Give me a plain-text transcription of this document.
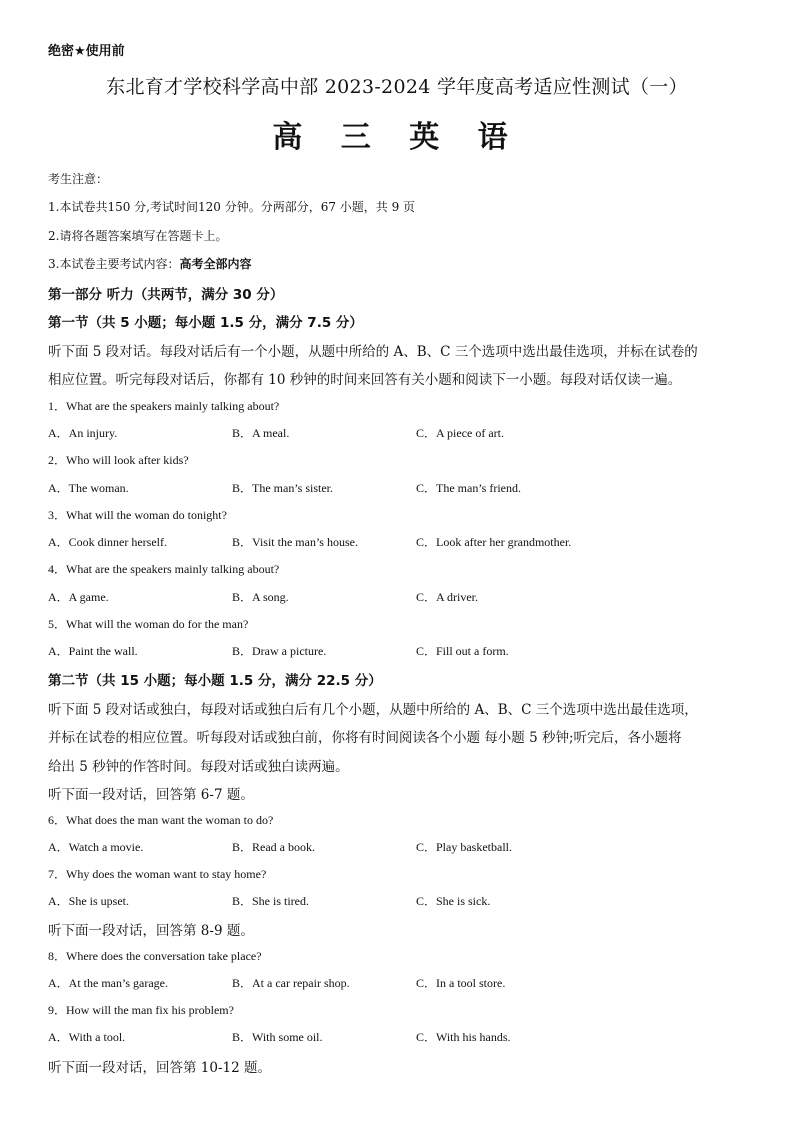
绝密★使用前
东北育才学校科学高中部 2023-2024 学年度高考适应性测试（一）
高 三 英 语
考生注意：
1.本试卷共150 分,考试时间120 分钟。分两部分，67 小题，共 9 页
2.请将各题答案填写在答题卡上。
3.本试卷主要考试内容：高考全部内容
第一部分 听力（共两节，满分 30 分）
第一节（共 5 小题；每小题 1.5 分，满分 7.5 分）
听下面 5 段对话。每段对话后有一个小题，从题中所给的 A、B、C 三个选项中选出最佳选项，并标在试卷的
相应位置。听完每段对话后，你都有 10 秒钟的时间来回答有关小题和阅读下一小题。每段对话仅读一遍。
1．What are the speakers mainly talking about?
A．An injury.	B．A meal.	C．A piece of art.
2．Who will look after kids?
A．The woman.	B．The man’s sister.	C．The man’s friend.
3．What will the woman do tonight?
A．Cook dinner herself.	B．Visit the man’s house.	C．Look after her grandmother.
4．What are the speakers mainly talking about?
A．A game.	B．A song.	C．A driver.
5．What will the woman do for the man?
A．Paint the wall.	B．Draw a picture.	C．Fill out a form.
第二节（共 15 小题；每小题 1.5 分，满分 22.5 分）
听下面 5 段对话或独白，每段对话或独白后有几个小题，从题中所给的 A、B、C 三个选项中选出最佳选项，
并标在试卷的相应位置。听每段对话或独白前，你将有时间阅读各个小题 每小题 5 秒钟;听完后，各小题将
给出 5 秒钟的作答时间。每段对话或独白读两遍。
听下面一段对话，回答第 6-7 题。
6．What does the man want the woman to do?
A．Watch a movie.	B．Read a book.	C．Play basketball.
7．Why does the woman want to stay home?
A．She is upset.	B．She is tired.	C．She is sick.
听下面一段对话，回答第 8-9 题。
8．Where does the conversation take place?
A．At the man’s garage.	B．At a car repair shop.	C．In a tool store.
9．How will the man fix his problem?
A．With a tool.	B．With some oil.	C．With his hands.
听下面一段对话，回答第 10-12 题。
